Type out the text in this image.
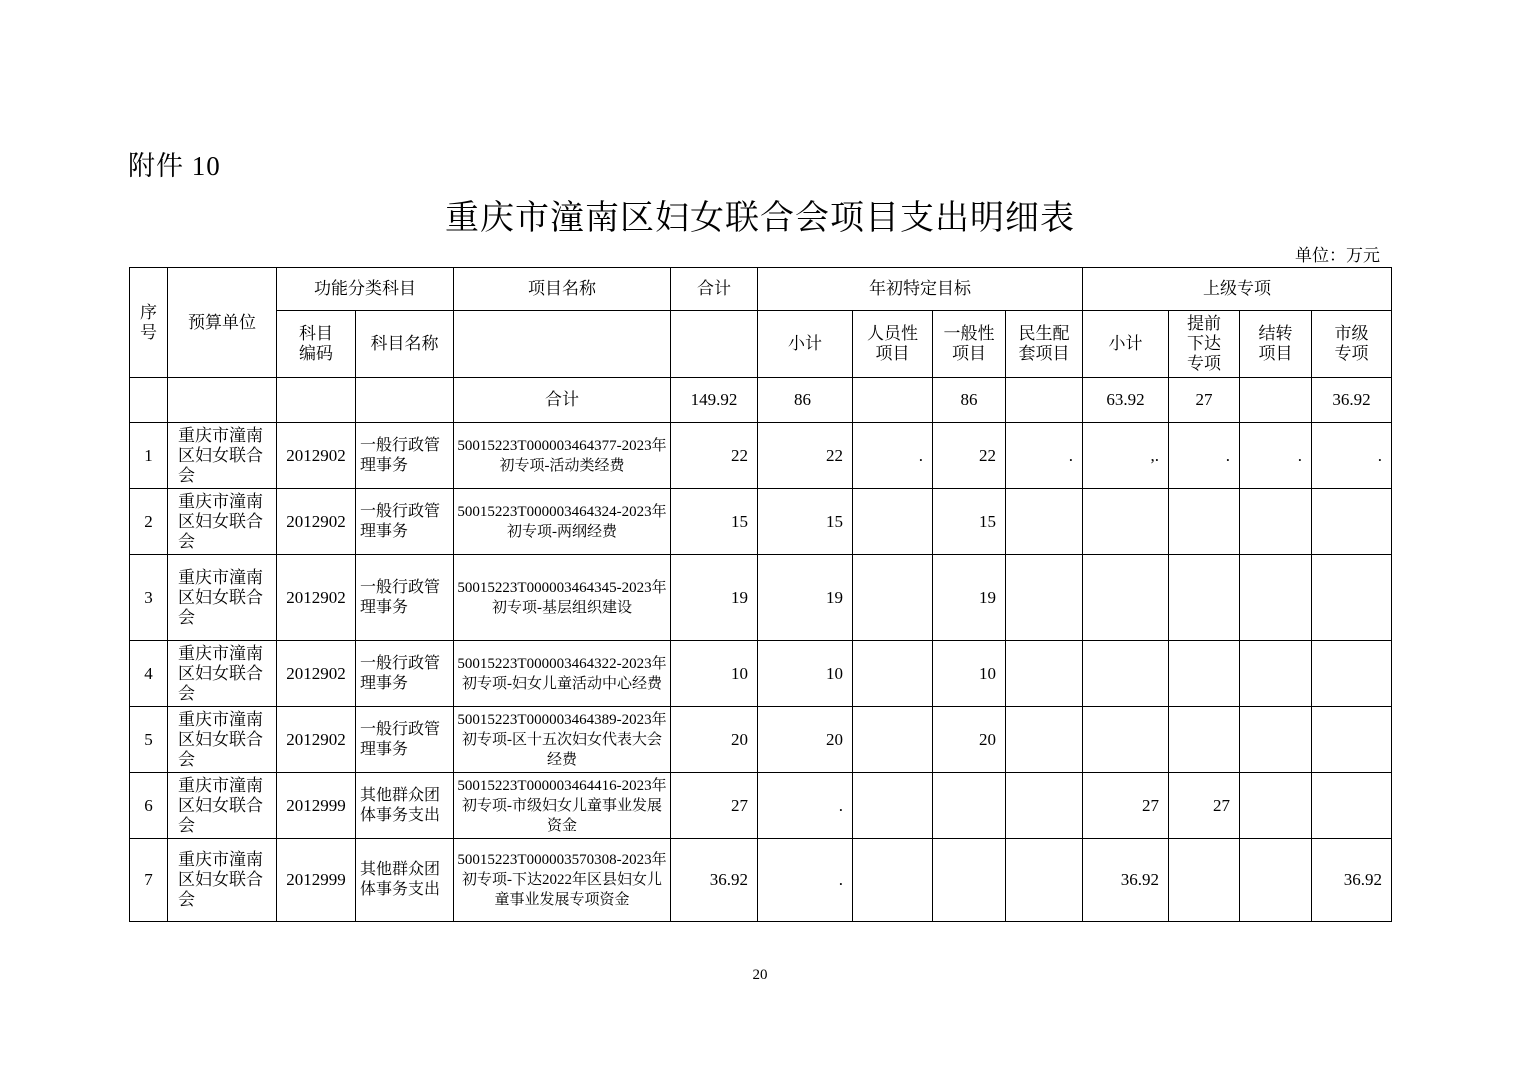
附件 10
重庆市潼南区妇女联合会项目支出明细表
单位：万元
序号	预算单位	功能分类科目		项目名称	合计	年初特定目标				上级专项			
		科目编码	科目名称			小计	人员性项目	一般性项目	民生配套项目	小计	提前下达专项	结转项目	市级专项
				合计	149.92	86		86		63.92	27		36.92
1	重庆市潼南区妇女联合会	2012902	一般行政管理事务	50015223T000003464377-2023年初专项-活动类经费	22	22	.	22	.	,.	.	.	.
2	重庆市潼南区妇女联合会	2012902	一般行政管理事务	50015223T000003464324-2023年初专项-两纲经费	15	15		15					
3	重庆市潼南区妇女联合会	2012902	一般行政管理事务	50015223T000003464345-2023年初专项-基层组织建设	19	19		19					
4	重庆市潼南区妇女联合会	2012902	一般行政管理事务	50015223T000003464322-2023年初专项-妇女儿童活动中心经费	10	10		10					
5	重庆市潼南区妇女联合会	2012902	一般行政管理事务	50015223T000003464389-2023年初专项-区十五次妇女代表大会经费	20	20		20					
6	重庆市潼南区妇女联合会	2012999	其他群众团体事务支出	50015223T000003464416-2023年初专项-市级妇女儿童事业发展资金	27	.				27	27		
7	重庆市潼南区妇女联合会	2012999	其他群众团体事务支出	50015223T000003570308-2023年初专项-下达2022年区县妇女儿童事业发展专项资金	36.92	.				36.92			36.92
20
